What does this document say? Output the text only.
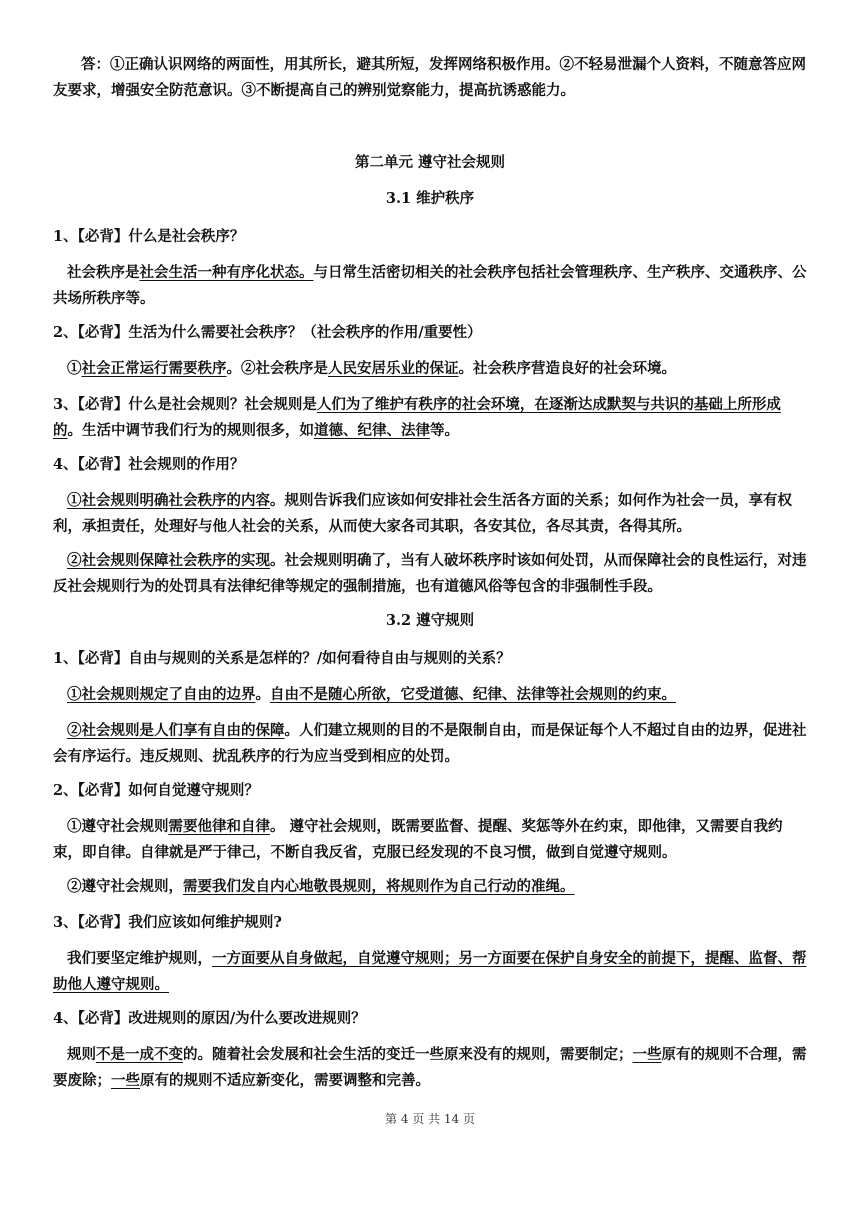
答：①正确认识网络的两面性，用其所长，避其所短，发挥网络积极作用。②不轻易泄漏个人资料，不随意答应网友要求，增强安全防范意识。③不断提高自己的辨别觉察能力，提高抗诱惑能力。

第二单元 遵守社会规则

3.1 维护秩序

1、【必背】什么是社会秩序？

社会秩序是社会生活一种有序化状态。与日常生活密切相关的社会秩序包括社会管理秩序、生产秩序、交通秩序、公共场所秩序等。

2、【必背】生活为什么需要社会秩序？（社会秩序的作用/重要性）

①社会正常运行需要秩序。②社会秩序是人民安居乐业的保证。社会秩序营造良好的社会环境。

3、【必背】什么是社会规则？社会规则是人们为了维护有秩序的社会环境，在逐渐达成默契与共识的基础上所形成的。生活中调节我们行为的规则很多，如道德、纪律、法律等。

4、【必背】社会规则的作用？

①社会规则明确社会秩序的内容。规则告诉我们应该如何安排社会生活各方面的关系；如何作为社会一员，享有权利，承担责任，处理好与他人社会的关系，从而使大家各司其职，各安其位，各尽其责，各得其所。

②社会规则保障社会秩序的实现。社会规则明确了，当有人破坏秩序时该如何处罚，从而保障社会的良性运行，对违反社会规则行为的处罚具有法律纪律等规定的强制措施，也有道德风俗等包含的非强制性手段。

3.2 遵守规则

1、【必背】自由与规则的关系是怎样的？/如何看待自由与规则的关系？

①社会规则规定了自由的边界。自由不是随心所欲，它受道德、纪律、法律等社会规则的约束。

②社会规则是人们享有自由的保障。人们建立规则的目的不是限制自由，而是保证每个人不超过自由的边界，促进社会有序运行。违反规则、扰乱秩序的行为应当受到相应的处罚。

2、【必背】如何自觉遵守规则？

①遵守社会规则需要他律和自律。 遵守社会规则，既需要监督、提醒、奖惩等外在约束，即他律，又需要自我约束，即自律。自律就是严于律己，不断自我反省，克服已经发现的不良习惯，做到自觉遵守规则。

②遵守社会规则，需要我们发自内心地敬畏规则，将规则作为自己行动的准绳。

3、【必背】我们应该如何维护规则?

我们要坚定维护规则，一方面要从自身做起，自觉遵守规则；另一方面要在保护自身安全的前提下，提醒、监督、帮助他人遵守规则。

4、【必背】改进规则的原因/为什么要改进规则？

规则不是一成不变的。随着社会发展和社会生活的变迁一些原来没有的规则，需要制定；一些原有的规则不合理，需要废除；一些原有的规则不适应新变化，需要调整和完善。

第 4 页 共 14 页
